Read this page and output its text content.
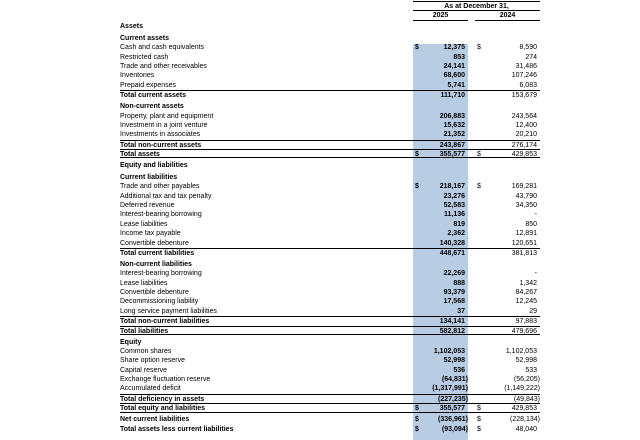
As at December 31,
2025	2024
Assets
Current assets
Cash and cash equivalents	$	12,375 $	8,590
Restricted cash	853	274
Trade and other receivables	24,141	31,486
Inventories	68,600	107,246
Prepaid expenses	5,741	6,083
Total current assets	111,710	153,679
Non-current assets
Property, plant and equipment	206,883	243,564
Investment in a joint venture	15,632	12,400
Investments in associates	21,352	20,210
Total non-current assets	243,867	276,174
Total assets	$	355,577 $	429,853
Equity and liabilities
Current liabilities
Trade and other payables	$	218,167 $	169,281
Additional tax and tax penalty	23,276	43,790
Deferred revenue	52,583	34,350
Interest-bearing borrowing	11,136	-
Lease liabilities	819	850
Income tax payable	2,362	12,891
Convertible debenture	140,328	120,651
Total current liabilities	448,671	381,813
Non-current liabilities
Interest-bearing borrowing	22,269	-
Lease liabilities	888	1,342
Convertible debenture	93,379	84,267
Decommissioning liability	17,568	12,245
Long service payment liabilities	37	29
Total non-current liabilities	134,141	97,883
Total liabilities	582,812	479,696
Equity
Common shares	1,102,053	1,102,053
Share option reserve	52,998	52,998
Capital reserve	536	533
Exchange fluctuation reserve	(64,831)	(56,205)
Accumulated deficit	(1,317,991)	(1,149,222)
Total deficiency in assets	(227,235)	(49,843)
Total equity and liabilities	$	355,577 $	429,853
Net current liabilities	$	(336,961) $	(228,134)
Total assets less current liabilities	$	(93,094) $	48,040
